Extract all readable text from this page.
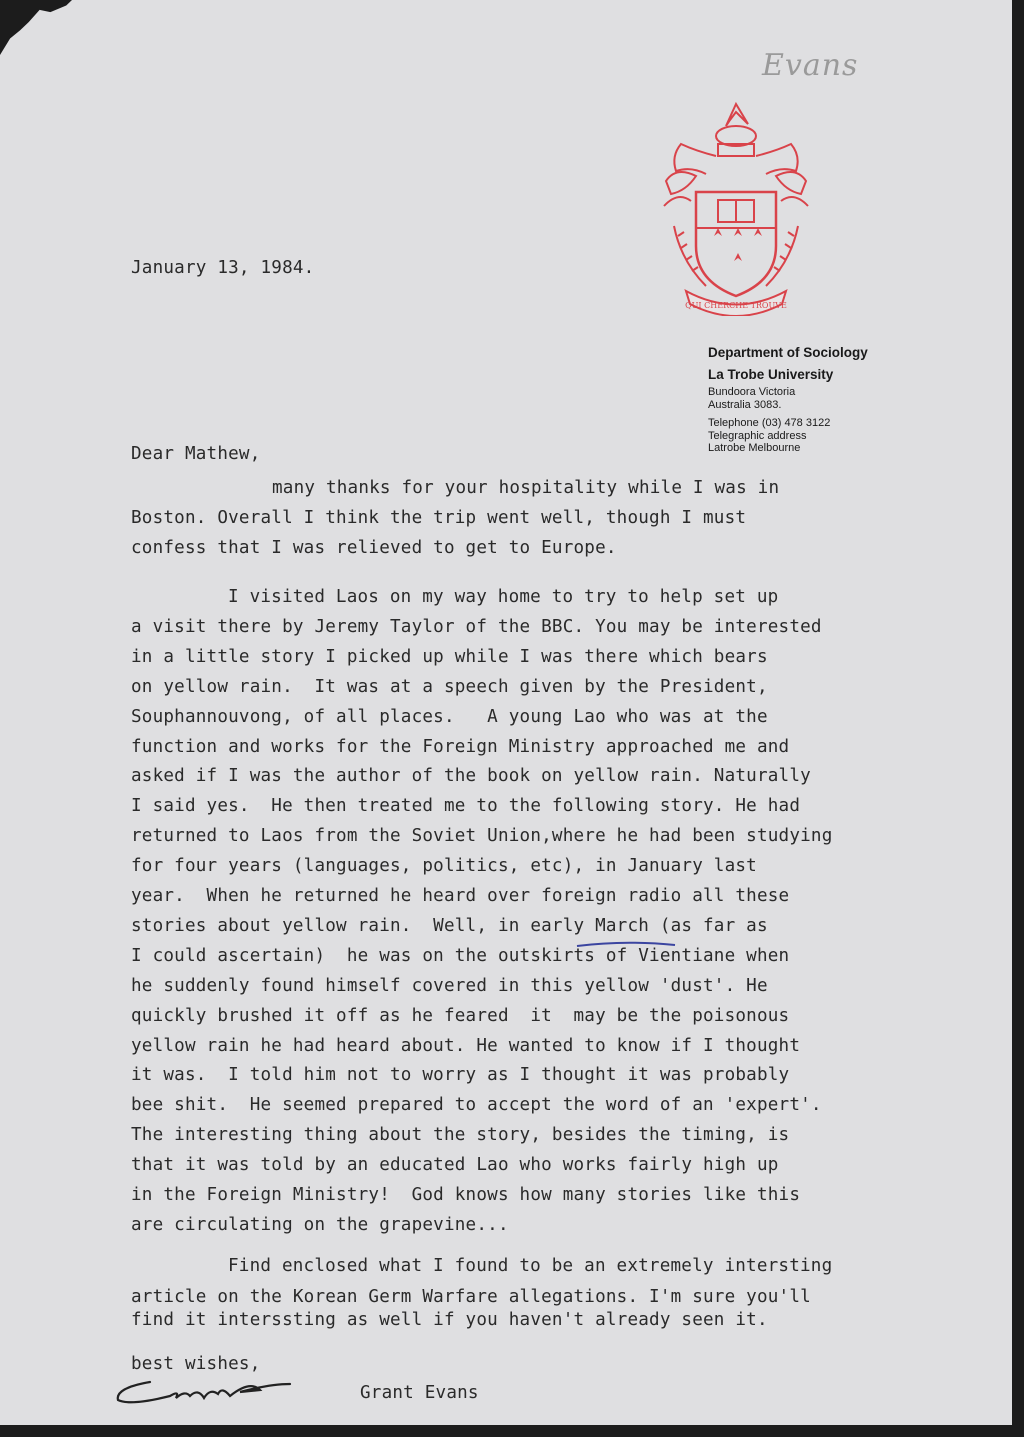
Evans
QUI CHERCHE TROUVE
Department of Sociology
La Trobe University
Bundoora Victoria
Australia 3083.
Telephone (03) 478 3122
Telegraphic address
Latrobe Melbourne
January 13, 1984.
Dear Mathew,
many thanks for your hospitality while I was in
Boston. Overall I think the trip went well, though I must
confess that I was relieved to get to Europe.
I visited Laos on my way home to try to help set up
a visit there by Jeremy Taylor of the BBC. You may be interested
in a little story I picked up while I was there which bears
on yellow rain.  It was at a speech given by the President,
Souphannouvong, of all places.   A young Lao who was at the
function and works for the Foreign Ministry approached me and
asked if I was the author of the book on yellow rain. Naturally
I said yes.  He then treated me to the following story. He had
returned to Laos from the Soviet Union,where he had been studying
for four years (languages, politics, etc), in January last
year.  When he returned he heard over foreign radio all these
stories about yellow rain.  Well, in early March (as far as
I could ascertain)  he was on the outskirts of Vientiane when
he suddenly found himself covered in this yellow 'dust'. He
quickly brushed it off as he feared  it  may be the poisonous
yellow rain he had heard about. He wanted to know if I thought
it was.  I told him not to worry as I thought it was probably
bee shit.  He seemed prepared to accept the word of an 'expert'.
The interesting thing about the story, besides the timing, is
that it was told by an educated Lao who works fairly high up
in the Foreign Ministry!  God knows how many stories like this
are circulating on the grapevine...
Find enclosed what I found to be an extremely intersting
article on the Korean Germ Warfare allegations. I'm sure you'll
find it interssting as well if you haven't already seen it.
best wishes,
Grant Evans
